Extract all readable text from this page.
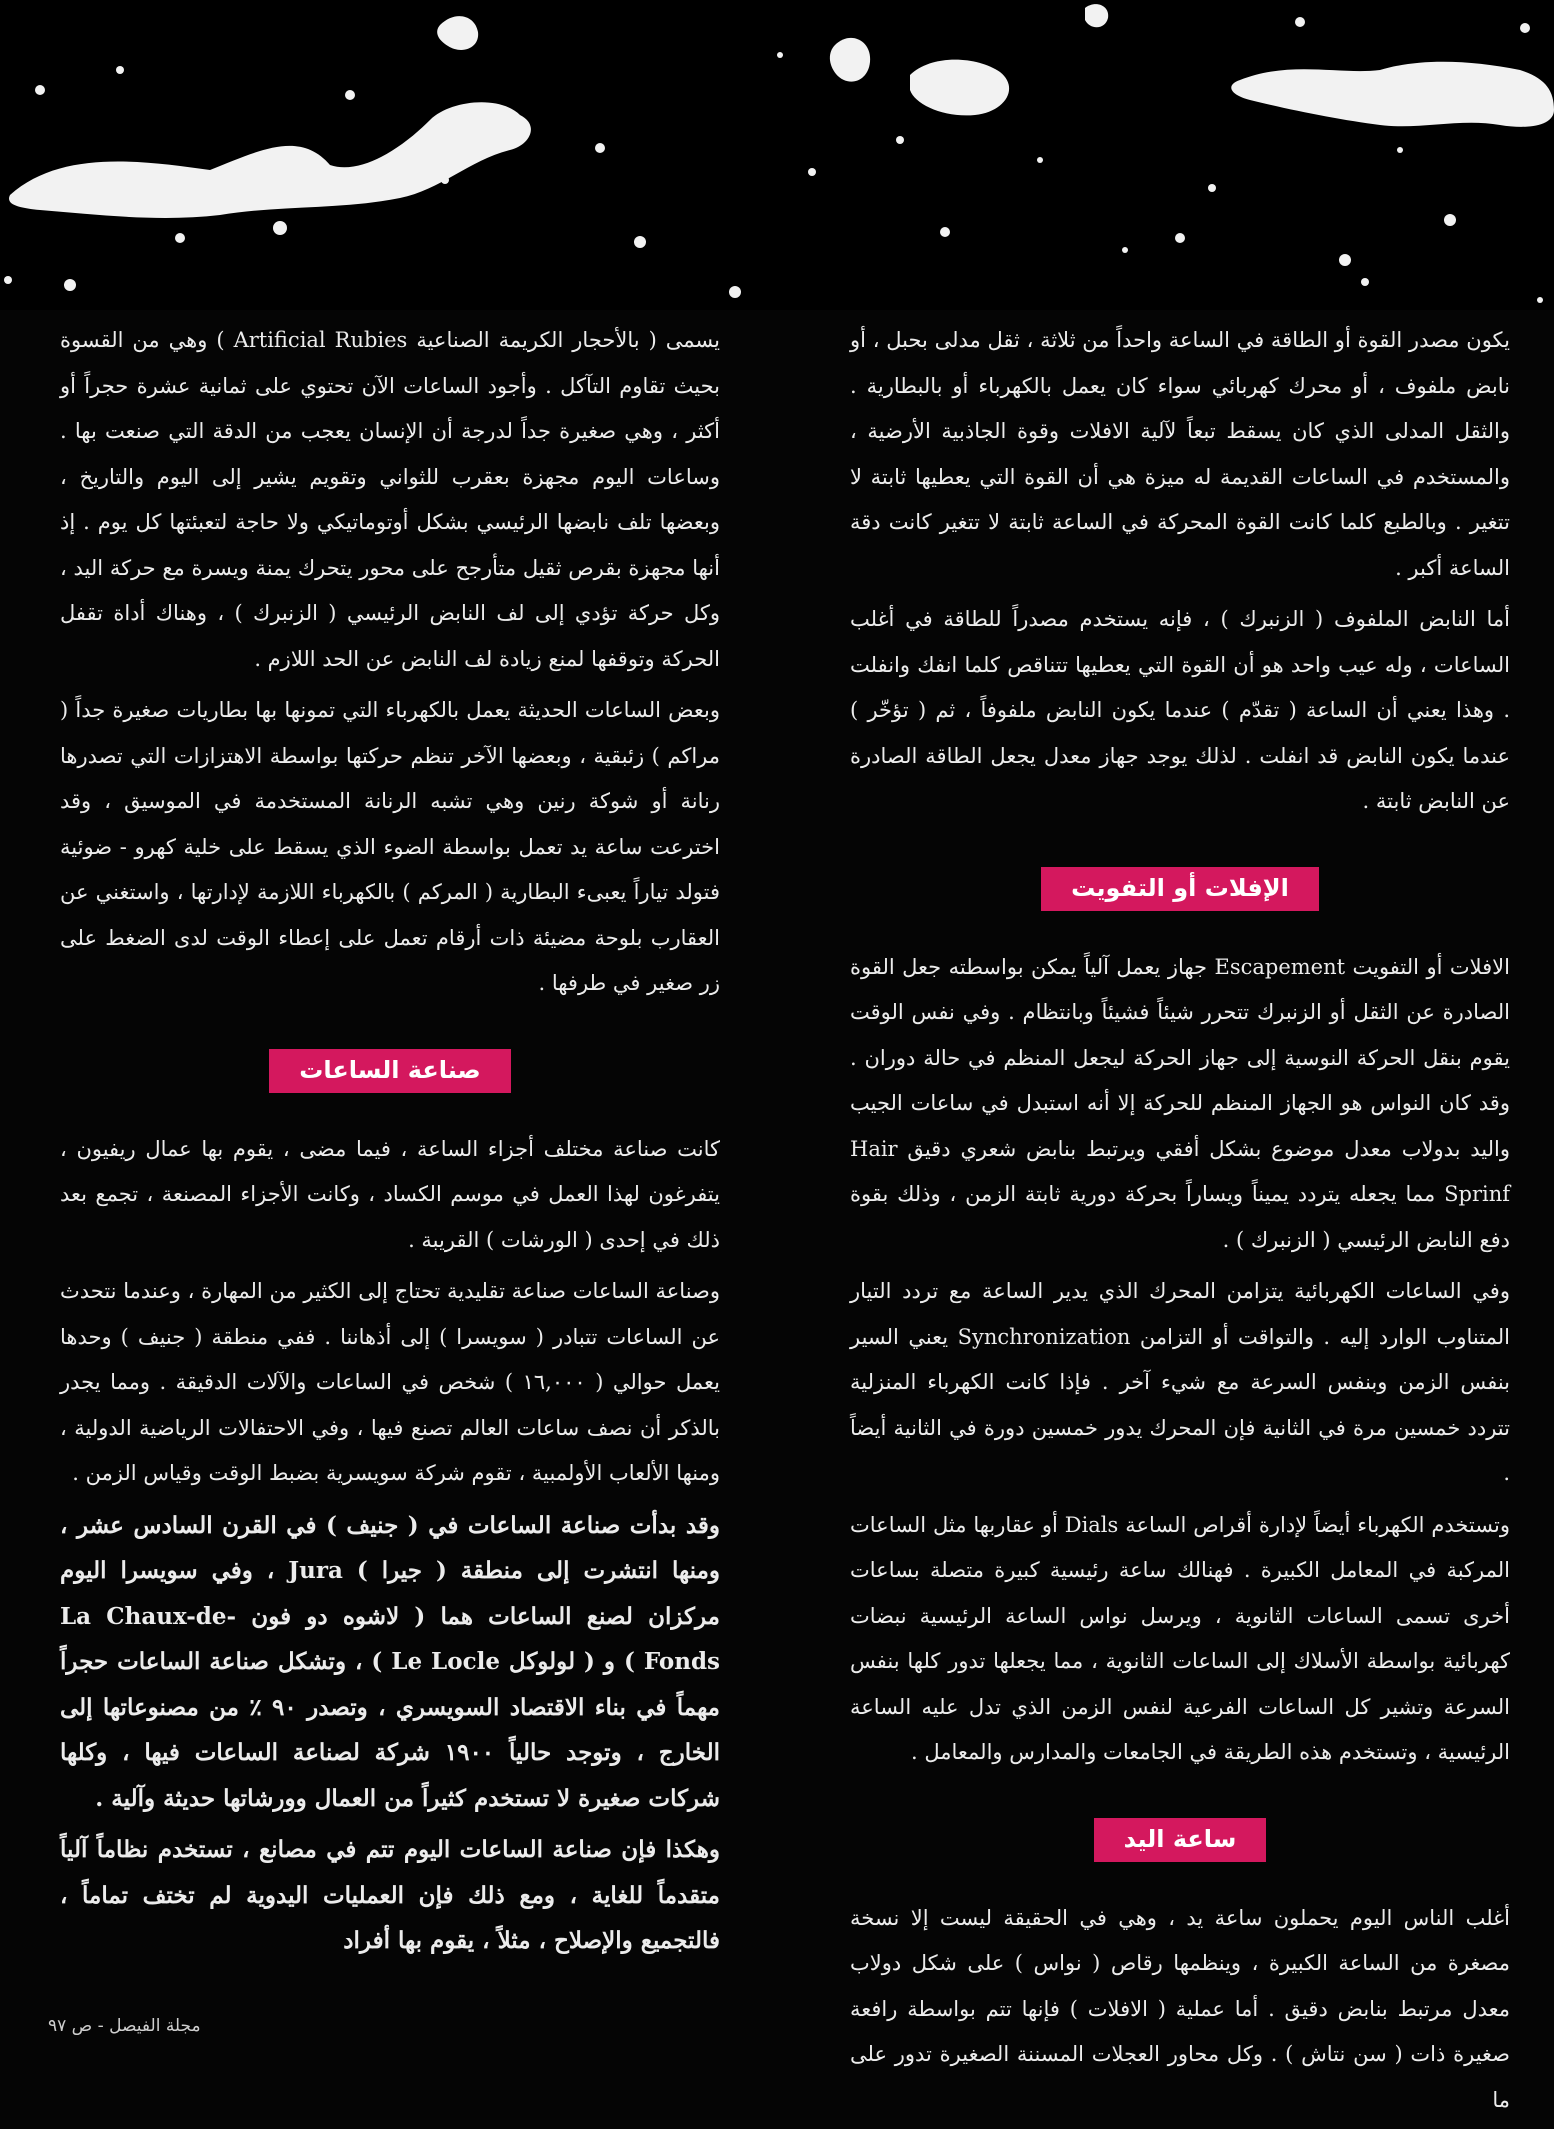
يكون مصدر القوة أو الطاقة في الساعة واحداً من ثلاثة ، ثقل مدلى بحبل ، أو نابض ملفوف ، أو محرك كهربائي سواء كان يعمل بالكهرباء أو بالبطارية . والثقل المدلى الذي كان يسقط تبعاً لآلية الافلات وقوة الجاذبية الأرضية ، والمستخدم في الساعات القديمة له ميزة هي أن القوة التي يعطيها ثابتة لا تتغير . وبالطبع كلما كانت القوة المحركة في الساعة ثابتة لا تتغير كانت دقة الساعة أكبر .

أما النابض الملفوف ( الزنبرك ) ، فإنه يستخدم مصدراً للطاقة في أغلب الساعات ، وله عيب واحد هو أن القوة التي يعطيها تتناقص كلما انفك وانفلت . وهذا يعني أن الساعة ( تقدّم ) عندما يكون النابض ملفوفاً ، ثم ( تؤخّر ) عندما يكون النابض قد انفلت . لذلك يوجد جهاز معدل يجعل الطاقة الصادرة عن النابض ثابتة .

الإفلات أو التفويت

الافلات أو التفويت Escapement جهاز يعمل آلياً يمكن بواسطته جعل القوة الصادرة عن الثقل أو الزنبرك تتحرر شيئاً فشيئاً وبانتظام . وفي نفس الوقت يقوم بنقل الحركة النوسية إلى جهاز الحركة ليجعل المنظم في حالة دوران . وقد كان النواس هو الجهاز المنظم للحركة إلا أنه استبدل في ساعات الجيب واليد بدولاب معدل موضوع بشكل أفقي ويرتبط بنابض شعري دقيق Hair Sprinf مما يجعله يتردد يميناً ويساراً بحركة دورية ثابتة الزمن ، وذلك بقوة دفع النابض الرئيسي ( الزنبرك ) .

وفي الساعات الكهربائية يتزامن المحرك الذي يدير الساعة مع تردد التيار المتناوب الوارد إليه . والتواقت أو التزامن Synchronization يعني السير بنفس الزمن وبنفس السرعة مع شيء آخر . فإذا كانت الكهرباء المنزلية تتردد خمسين مرة في الثانية فإن المحرك يدور خمسين دورة في الثانية أيضاً .

وتستخدم الكهرباء أيضاً لإدارة أقراص الساعة Dials أو عقاربها مثل الساعات المركبة في المعامل الكبيرة . فهنالك ساعة رئيسية كبيرة متصلة بساعات أخرى تسمى الساعات الثانوية ، ويرسل نواس الساعة الرئيسية نبضات كهربائية بواسطة الأسلاك إلى الساعات الثانوية ، مما يجعلها تدور كلها بنفس السرعة وتشير كل الساعات الفرعية لنفس الزمن الذي تدل عليه الساعة الرئيسية ، وتستخدم هذه الطريقة في الجامعات والمدارس والمعامل .

ساعة اليد

أغلب الناس اليوم يحملون ساعة يد ، وهي في الحقيقة ليست إلا نسخة مصغرة من الساعة الكبيرة ، وينظمها رقاص ( نواس ) على شكل دولاب معدل مرتبط بنابض دقيق . أما عملية ( الافلات ) فإنها تتم بواسطة رافعة صغيرة ذات ( سن نتاش ) . وكل محاور العجلات المسننة الصغيرة تدور على ما

يسمى ( بالأحجار الكريمة الصناعية Artificial Rubies ) وهي من القسوة بحيث تقاوم التآكل . وأجود الساعات الآن تحتوي على ثمانية عشرة حجراً أو أكثر ، وهي صغيرة جداً لدرجة أن الإنسان يعجب من الدقة التي صنعت بها . وساعات اليوم مجهزة بعقرب للثواني وتقويم يشير إلى اليوم والتاريخ ، وبعضها تلف نابضها الرئيسي بشكل أوتوماتيكي ولا حاجة لتعبئتها كل يوم . إذ أنها مجهزة بقرص ثقيل متأرجح على محور يتحرك يمنة ويسرة مع حركة اليد ، وكل حركة تؤدي إلى لف النابض الرئيسي ( الزنبرك ) ، وهناك أداة تقفل الحركة وتوقفها لمنع زيادة لف النابض عن الحد اللازم .

وبعض الساعات الحديثة يعمل بالكهرباء التي تمونها بها بطاريات صغيرة جداً ( مراكم ) زئبقية ، وبعضها الآخر تنظم حركتها بواسطة الاهتزازات التي تصدرها رنانة أو شوكة رنين وهي تشبه الرنانة المستخدمة في الموسيق ، وقد اخترعت ساعة يد تعمل بواسطة الضوء الذي يسقط على خلية كهرو - ضوئية فتولد تياراً يعبىء البطارية ( المركم ) بالكهرباء اللازمة لإدارتها ، واستغني عن العقارب بلوحة مضيئة ذات أرقام تعمل على إعطاء الوقت لدى الضغط على زر صغير في طرفها .

صناعة الساعات

كانت صناعة مختلف أجزاء الساعة ، فيما مضى ، يقوم بها عمال ريفيون ، يتفرغون لهذا العمل في موسم الكساد ، وكانت الأجزاء المصنعة ، تجمع بعد ذلك في إحدى ( الورشات ) القريبة .

وصناعة الساعات صناعة تقليدية تحتاج إلى الكثير من المهارة ، وعندما نتحدث عن الساعات تتبادر ( سويسرا ) إلى أذهاننا . ففي منطقة ( جنيف ) وحدها يعمل حوالي ( ١٦,٠٠٠ ) شخص في الساعات والآلات الدقيقة . ومما يجدر بالذكر أن نصف ساعات العالم تصنع فيها ، وفي الاحتفالات الرياضية الدولية ، ومنها الألعاب الأولمبية ، تقوم شركة سويسرية بضبط الوقت وقياس الزمن .

وقد بدأت صناعة الساعات في ( جنيف ) في القرن السادس عشر ، ومنها انتشرت إلى منطقة ( جيرا ) Jura ، وفي سويسرا اليوم مركزان لصنع الساعات هما ( لاشوه دو فون La Chaux-de-Fonds ) و ( لولوكل Le Locle ) ، وتشكل صناعة الساعات حجراً مهماً في بناء الاقتصاد السويسري ، وتصدر ٩٠ ٪ من مصنوعاتها إلى الخارج ، وتوجد حالياً ١٩٠٠ شركة لصناعة الساعات فيها ، وكلها شركات صغيرة لا تستخدم كثيراً من العمال وورشاتها حديثة وآلية .

وهكذا فإن صناعة الساعات اليوم تتم في مصانع ، تستخدم نظاماً آلياً متقدماً للغاية ، ومع ذلك فإن العمليات اليدوية لم تختف تماماً ، فالتجميع والإصلاح ، مثلاً ، يقوم بها أفراد

مجلة الفيصل - ص ٩٧
